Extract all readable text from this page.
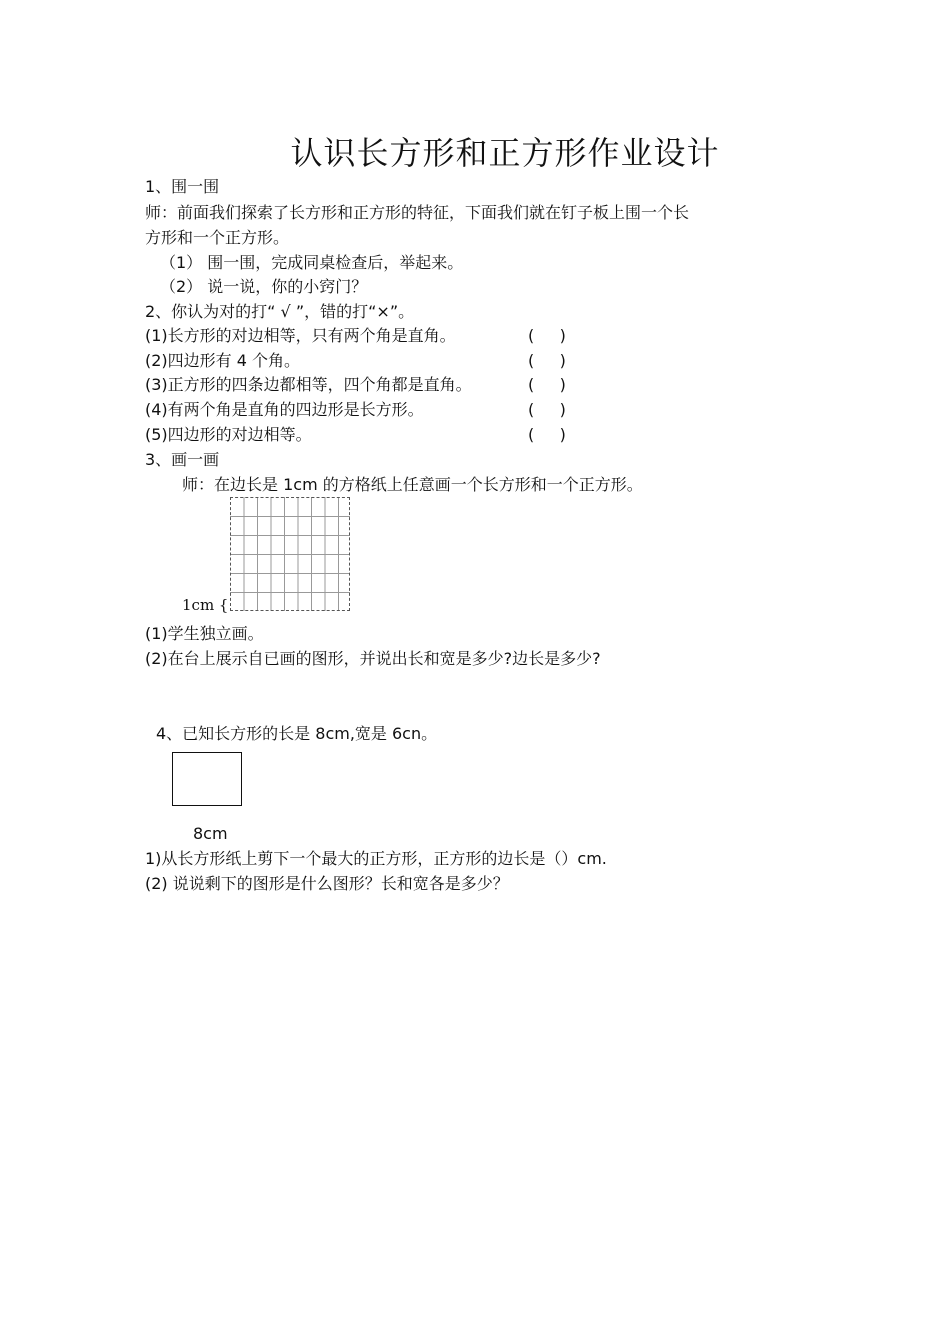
认识长方形和正方形作业设计
1、围一围
师：前面我们探索了长方形和正方形的特征，下面我们就在钉子板上围一个长
方形和一个正方形。
（1） 围一围，完成同桌检查后，举起来。
（2） 说一说，你的小窍门？
2、你认为对的打“ √ ”，错的打“×”。
(1)长方形的对边相等，只有两个角是直角。	(     )
(2)四边形有 4 个角。	(     )
(3)正方形的四条边都相等，四个角都是直角。	(     )
(4)有两个角是直角的四边形是长方形。	(     )
(5)四边形的对边相等。	(     )
3、画一画
师：在边长是 1cm 的方格纸上任意画一个长方形和一个正方形。
1cm {
(1)学生独立画。
(2)在台上展示自已画的图形，并说出长和宽是多少?边长是多少?
4、已知长方形的长是 8cm,宽是 6cn。
8cm
1)从长方形纸上剪下一个最大的正方形，正方形的边长是（）cm.
(2) 说说剩下的图形是什么图形？长和宽各是多少？
